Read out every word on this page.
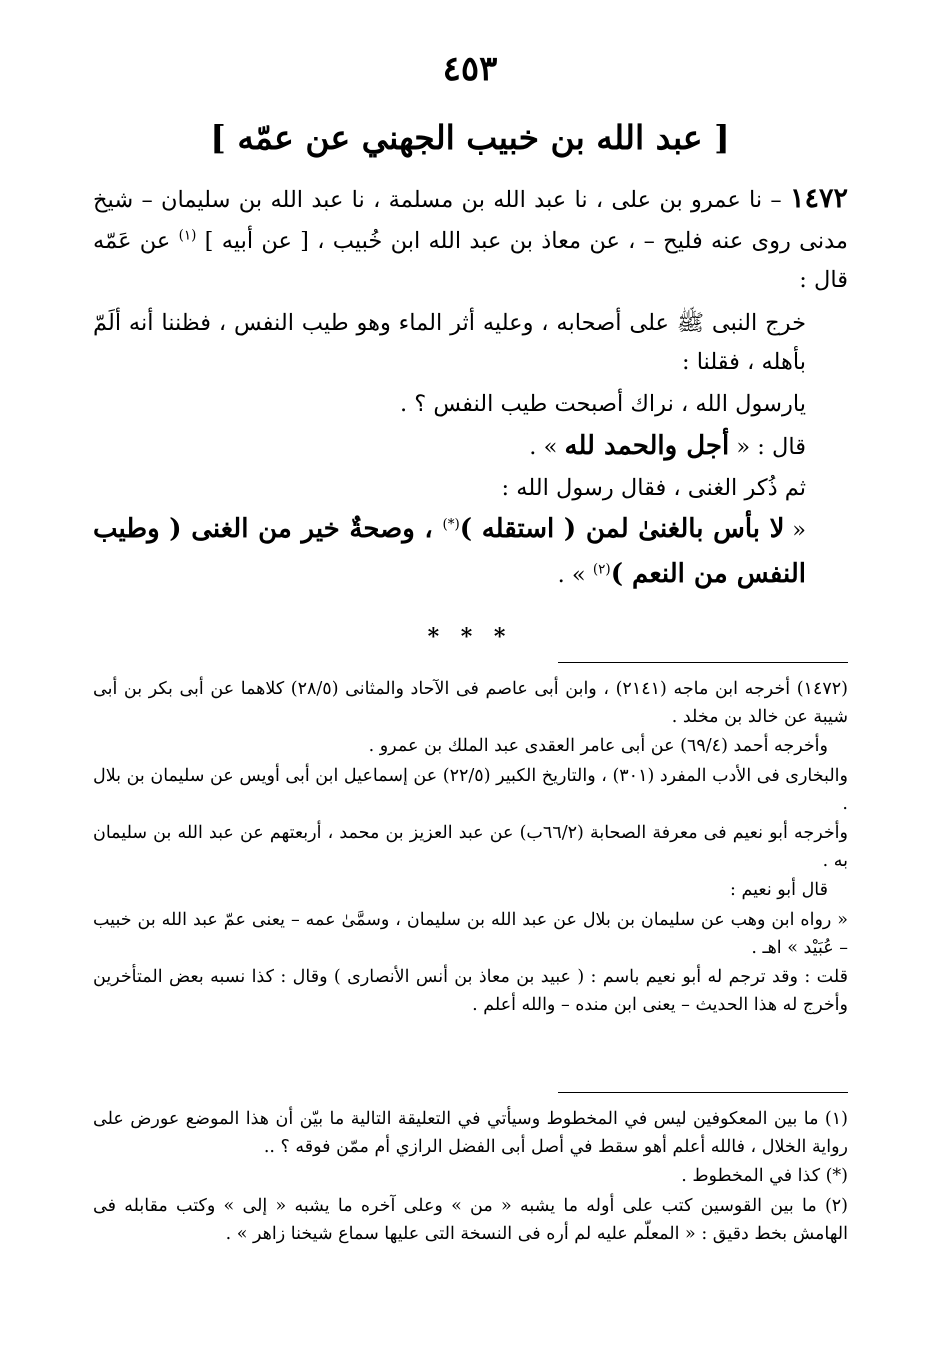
٤٥٣
[ عبد الله بن خبيب الجهني عن عمّه ]

١٤٧٢ – نا عمرو بن على ، نا عبد الله بن مسلمة ، نا عبد الله بن سليمان – شيخ مدنى روى عنه فليح – ، عن معاذ بن عبد الله ابن خُبيب ، [ عن أبيه ] $^{(١)}$ عن عَمّه قال :

خرج النبى ﷺ على أصحابه ، وعليه أثر الماء وهو طيب النفس ، فظننا أنه ألَمّ بأهله ، فقلنا :

يارسول الله ، نراك أصبحت طيب النفس ؟ .

قال : « أجل والحمد لله » .

ثم ذُكر الغنى ، فقال رسول الله :

« لا بأس بالغنىٰ لمن ( استقله )(*) ، وصحةٌ خير من الغنى ( وطيب النفس من النعم )$^{(٢)}$ » .

* * *

(١٤٧٢) أخرجه ابن ماجه (٢١٤١) ، وابن أبى عاصم فى الآحاد والمثانى (٢٨/٥) كلاهما عن أبى بكر بن أبى شيبة عن خالد بن مخلد .

وأخرجه أحمد (٦٩/٤) عن أبى عامر العقدى عبد الملك بن عمرو .

والبخارى فى الأدب المفرد (٣٠١) ، والتاريخ الكبير (٢٢/٥) عن إسماعيل ابن أبى أويس عن سليمان بن بلال .

وأخرجه أبو نعيم فى معرفة الصحابة (٦٦/٢ب) عن عبد العزيز بن محمد ، أربعتهم عن عبد الله بن سليمان به .

قال أبو نعيم :

« رواه ابن وهب عن سليمان بن بلال عن عبد الله بن سليمان ، وسمَّىٰ عمه – يعنى عمّ عبد الله بن خبيب – عُبَيْد » اهـ .

قلت : وقد ترجم له أبو نعيم باسم : ( عبيد بن معاذ بن أنس الأنصارى ) وقال : كذا نسبه بعض المتأخرين وأخرج له هذا الحديث – يعنى ابن منده – والله أعلم .

(١) ما بين المعكوفين ليس في المخطوط وسيأتي في التعليقة التالية ما بيّن أن هذا الموضع عورض على رواية الخلال ، فالله أعلم أهو سقط في أصل أبى الفضل الرازي أم ممّن فوقه ؟ ..

(*) كذا في المخطوط .

(٢) ما بين القوسين كتب على أوله ما يشبه « من » وعلى آخره ما يشبه « إلى » وكتب مقابله فى الهامش بخط دقيق : « المعلّم عليه لم أره فى النسخة التى عليها سماع شيخنا زاهر » .
